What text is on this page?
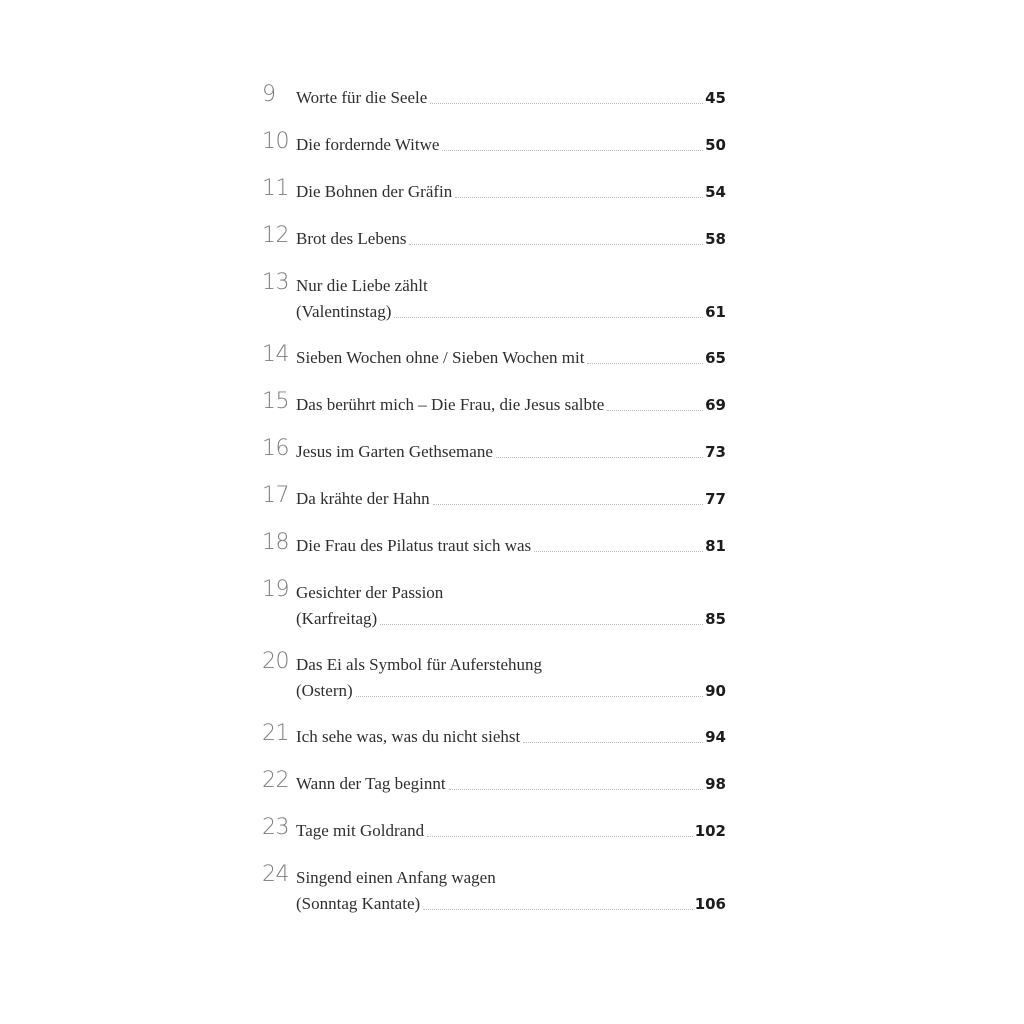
9	Worte für die Seele	45
10 Die fordernde Witwe	50
11 Die Bohnen der Gräfin	54
12 Brot des Lebens	58
13 Nur die Liebe zählt
(Valentinstag)	61
14 Sieben Wochen ohne / Sieben Wochen mit	65
15 Das berührt mich – Die Frau, die Jesus salbte	69
16 Jesus im Garten Gethsemane	73
17 Da krähte der Hahn	77
18 Die Frau des Pilatus traut sich was	81
19 Gesichter der Passion
(Karfreitag)	85
20 Das Ei als Symbol für Auferstehung
(Ostern)	90
21 Ich sehe was, was du nicht siehst	94
22 Wann der Tag beginnt	98
23 Tage mit Goldrand	102
24 Singend einen Anfang wagen
(Sonntag Kantate)	106
